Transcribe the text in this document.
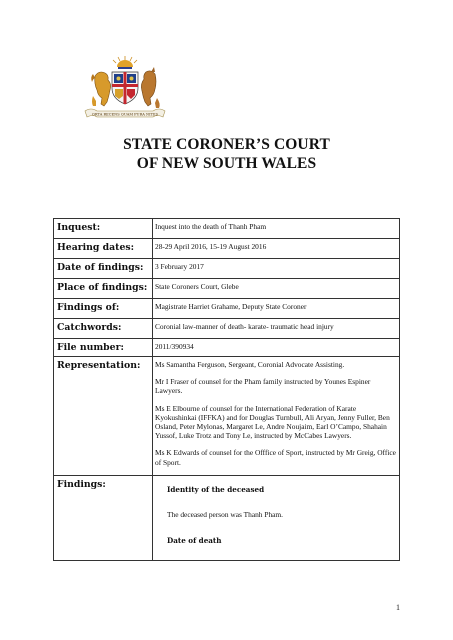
ORTA RECENS QUAM PURA NITES
STATE CORONER’S COURT
OF NEW SOUTH WALES
Inquest:	Inquest into the death of Thanh Pham
Hearing dates:	28-29 April 2016, 15-19 August 2016
Date of findings:	3 February 2017
Place of findings:	State Coroners Court, Glebe
Findings of:	Magistrate Harriet Grahame, Deputy State Coroner
Catchwords:	Coronial law-manner of death- karate- traumatic head injury
File number:	2011/390934
Representation:	Ms Samantha Ferguson, Sergeant, Coronial Advocate Assisting.

Mr I Fraser of counsel for the Pham family instructed by Younes Espiner Lawyers.

Ms E Elbourne of counsel for the International Federation of Karate Kyokushinkai (IFFKA) and for Douglas Turnbull, Ali Aryan, Jenny Fuller, Ben Osland, Peter Mylonas, Margaret Le, Andre Noujaim, Earl O’Campo, Shahain Yussof, Luke Trotz and Tony Le, instructed by McCabes Lawyers.

Ms K Edwards of counsel for the Offfice of Sport, instructed by Mr Greig, Office of Sport.

Findings:	Identity of the deceased
The deceased person was Thanh Pham.
Date of death
1
